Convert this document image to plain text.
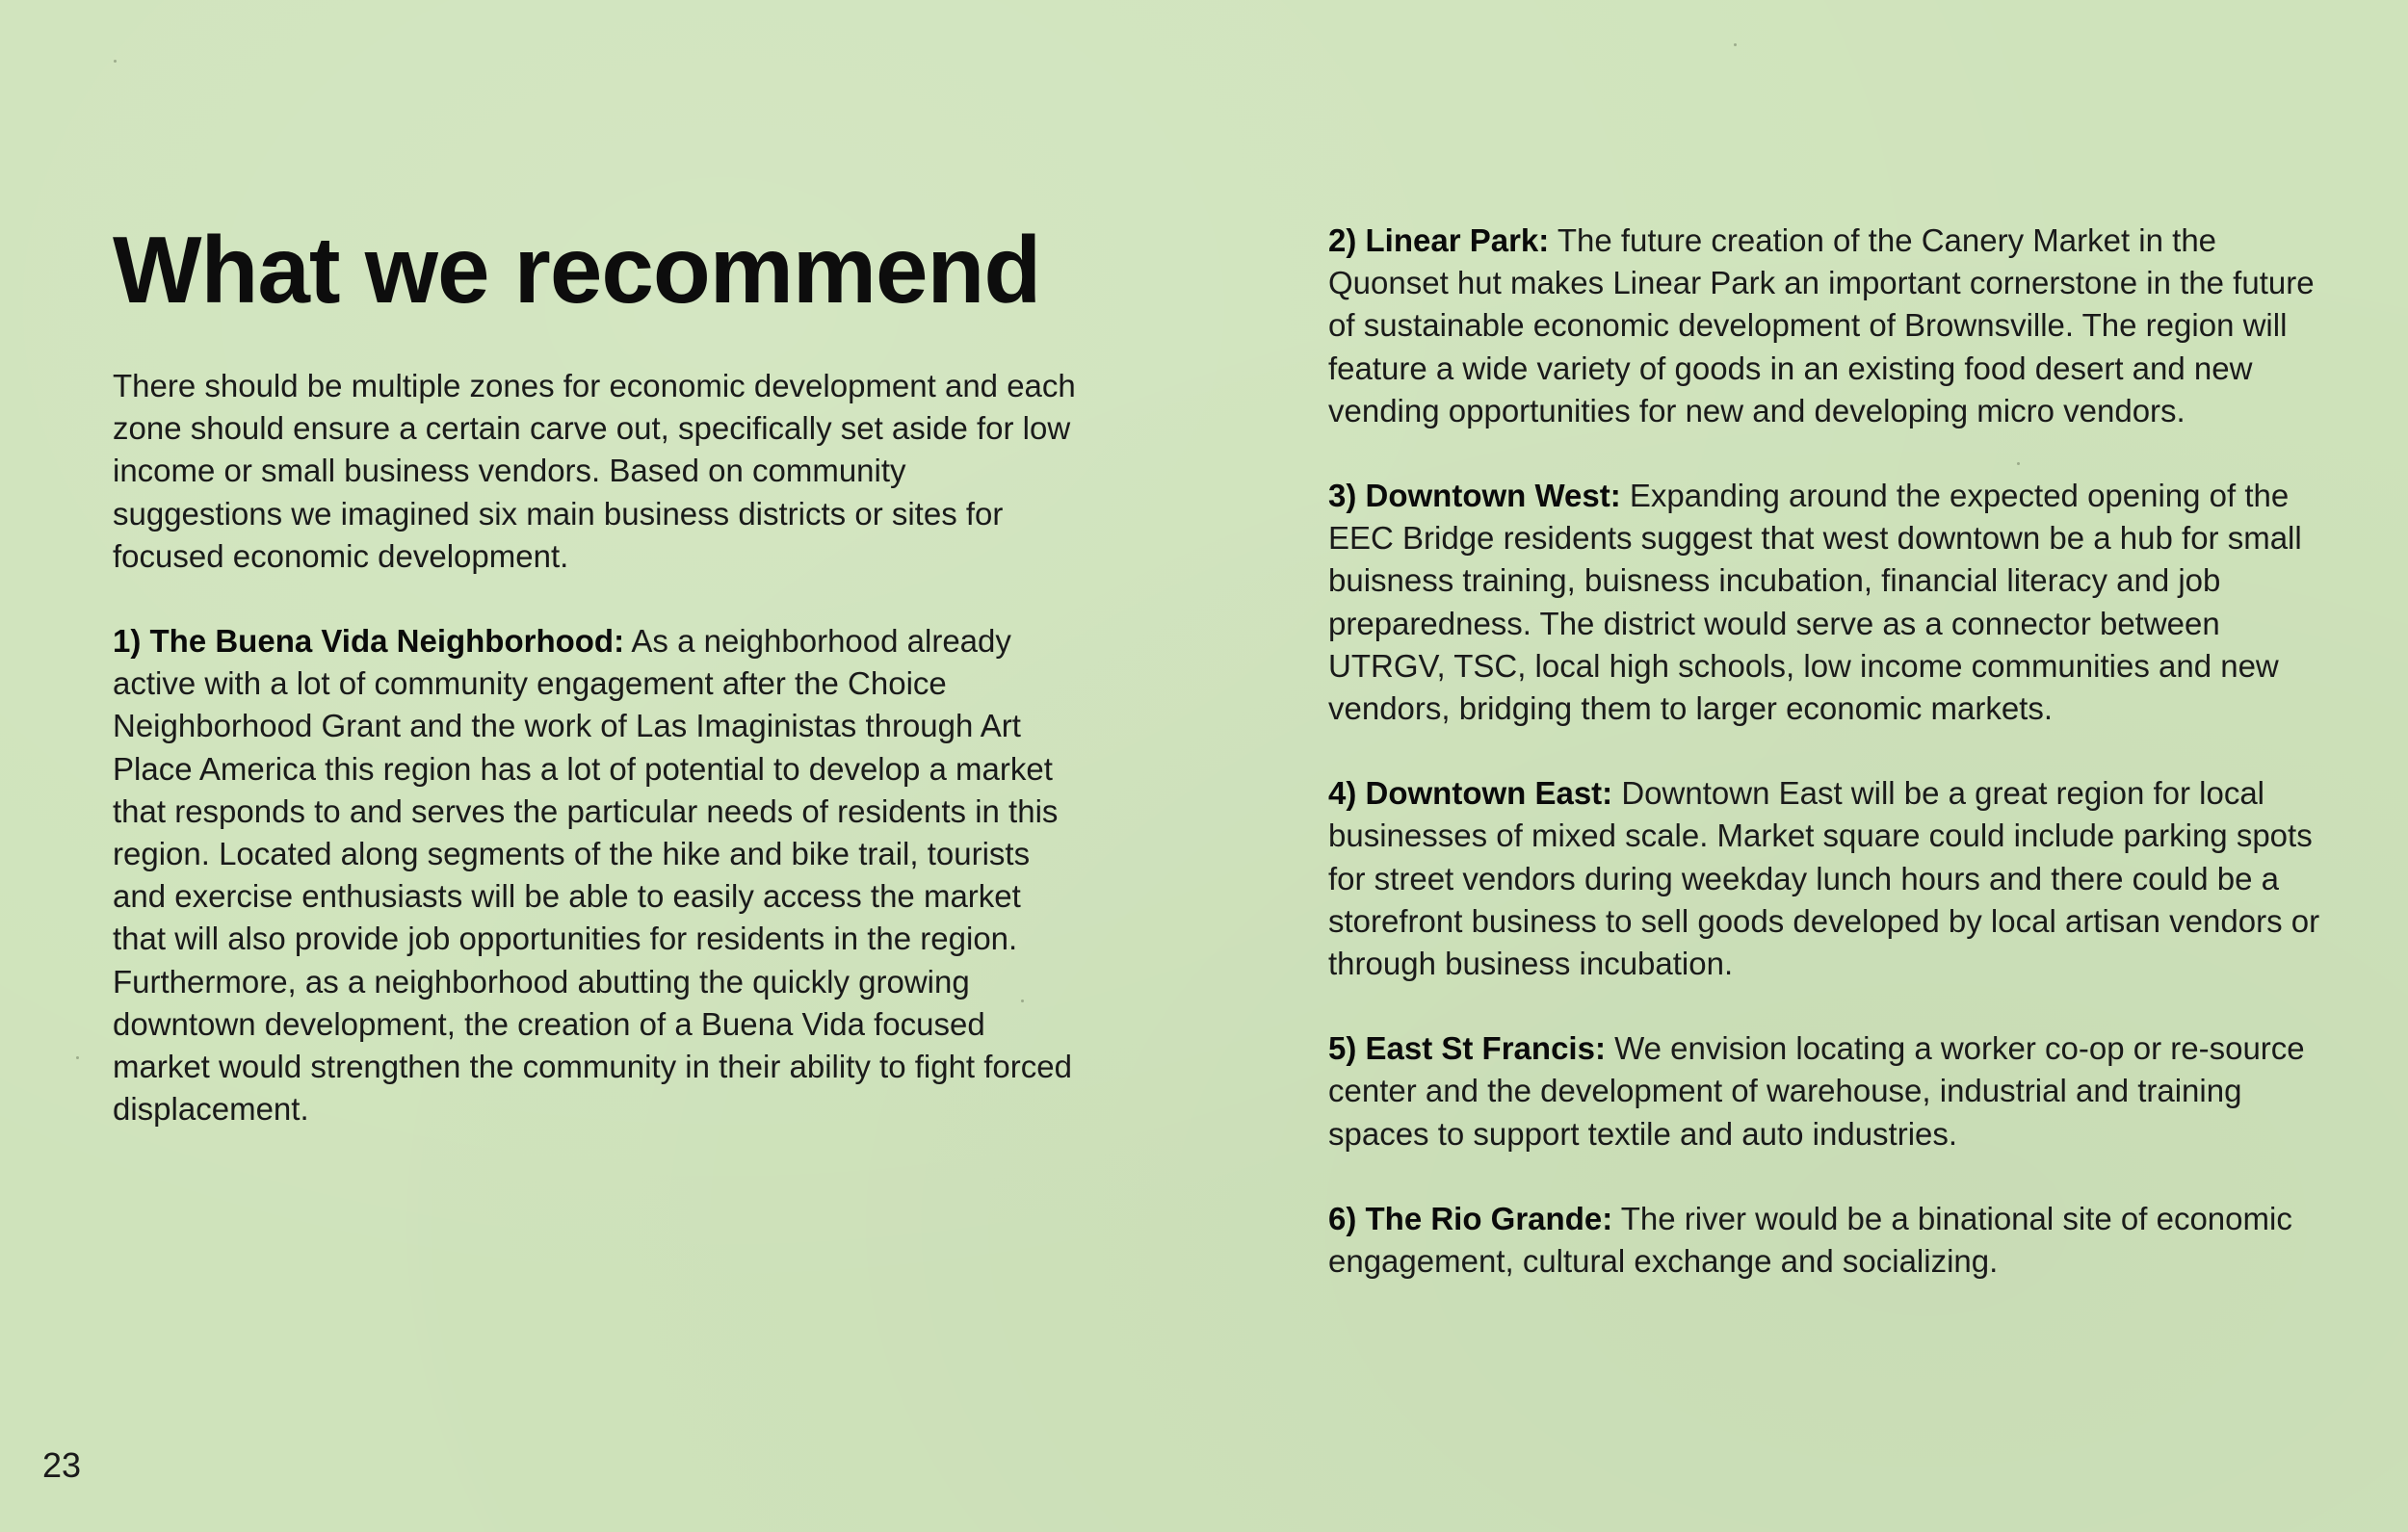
What we recommend

There should be multiple zones for economic development and each zone should ensure a certain carve out, specifically set aside for low income or small business vendors. Based on community suggestions we imagined six main business districts or sites for focused economic development.

1) The Buena Vida Neighborhood: As a neighborhood already active with a lot of community engagement after the Choice Neighborhood Grant and the work of Las Imaginistas through Art Place America this region has a lot of potential to develop a market that responds to and serves the particular needs of residents in this region. Located along segments of the hike and bike trail, tourists and exercise enthusiasts will be able to easily access the market that will also provide job opportunities for residents in the region. Furthermore, as a neighborhood abutting the quickly growing downtown development, the creation of a Buena Vida focused market would strengthen the community in their ability to fight forced displacement.

2) Linear Park: The future creation of the Canery Market in the Quonset hut makes Linear Park an important cornerstone in the future of sustainable economic development of Brownsville. The region will feature a wide variety of goods in an existing food desert and new vending opportunities for new and developing micro vendors.

3) Downtown West: Expanding around the expected opening of the EEC Bridge residents suggest that west downtown be a hub for small buisness training, buisness incubation, financial literacy and job preparedness. The district would serve as a connector between UTRGV, TSC, local high schools, low income communities and new vendors, bridging them to larger economic markets.

4) Downtown East: Downtown East will be a great region for local businesses of mixed scale. Market square could include parking spots for street vendors during weekday lunch hours and there could be a storefront business to sell goods developed by local artisan vendors or through business incubation.

5) East St Francis: We envision locating a worker co-op or re-source center and the development of warehouse, industrial and training spaces to support textile and auto industries.

6) The Rio Grande: The river would be a binational site of economic engagement, cultural exchange and socializing.

23
